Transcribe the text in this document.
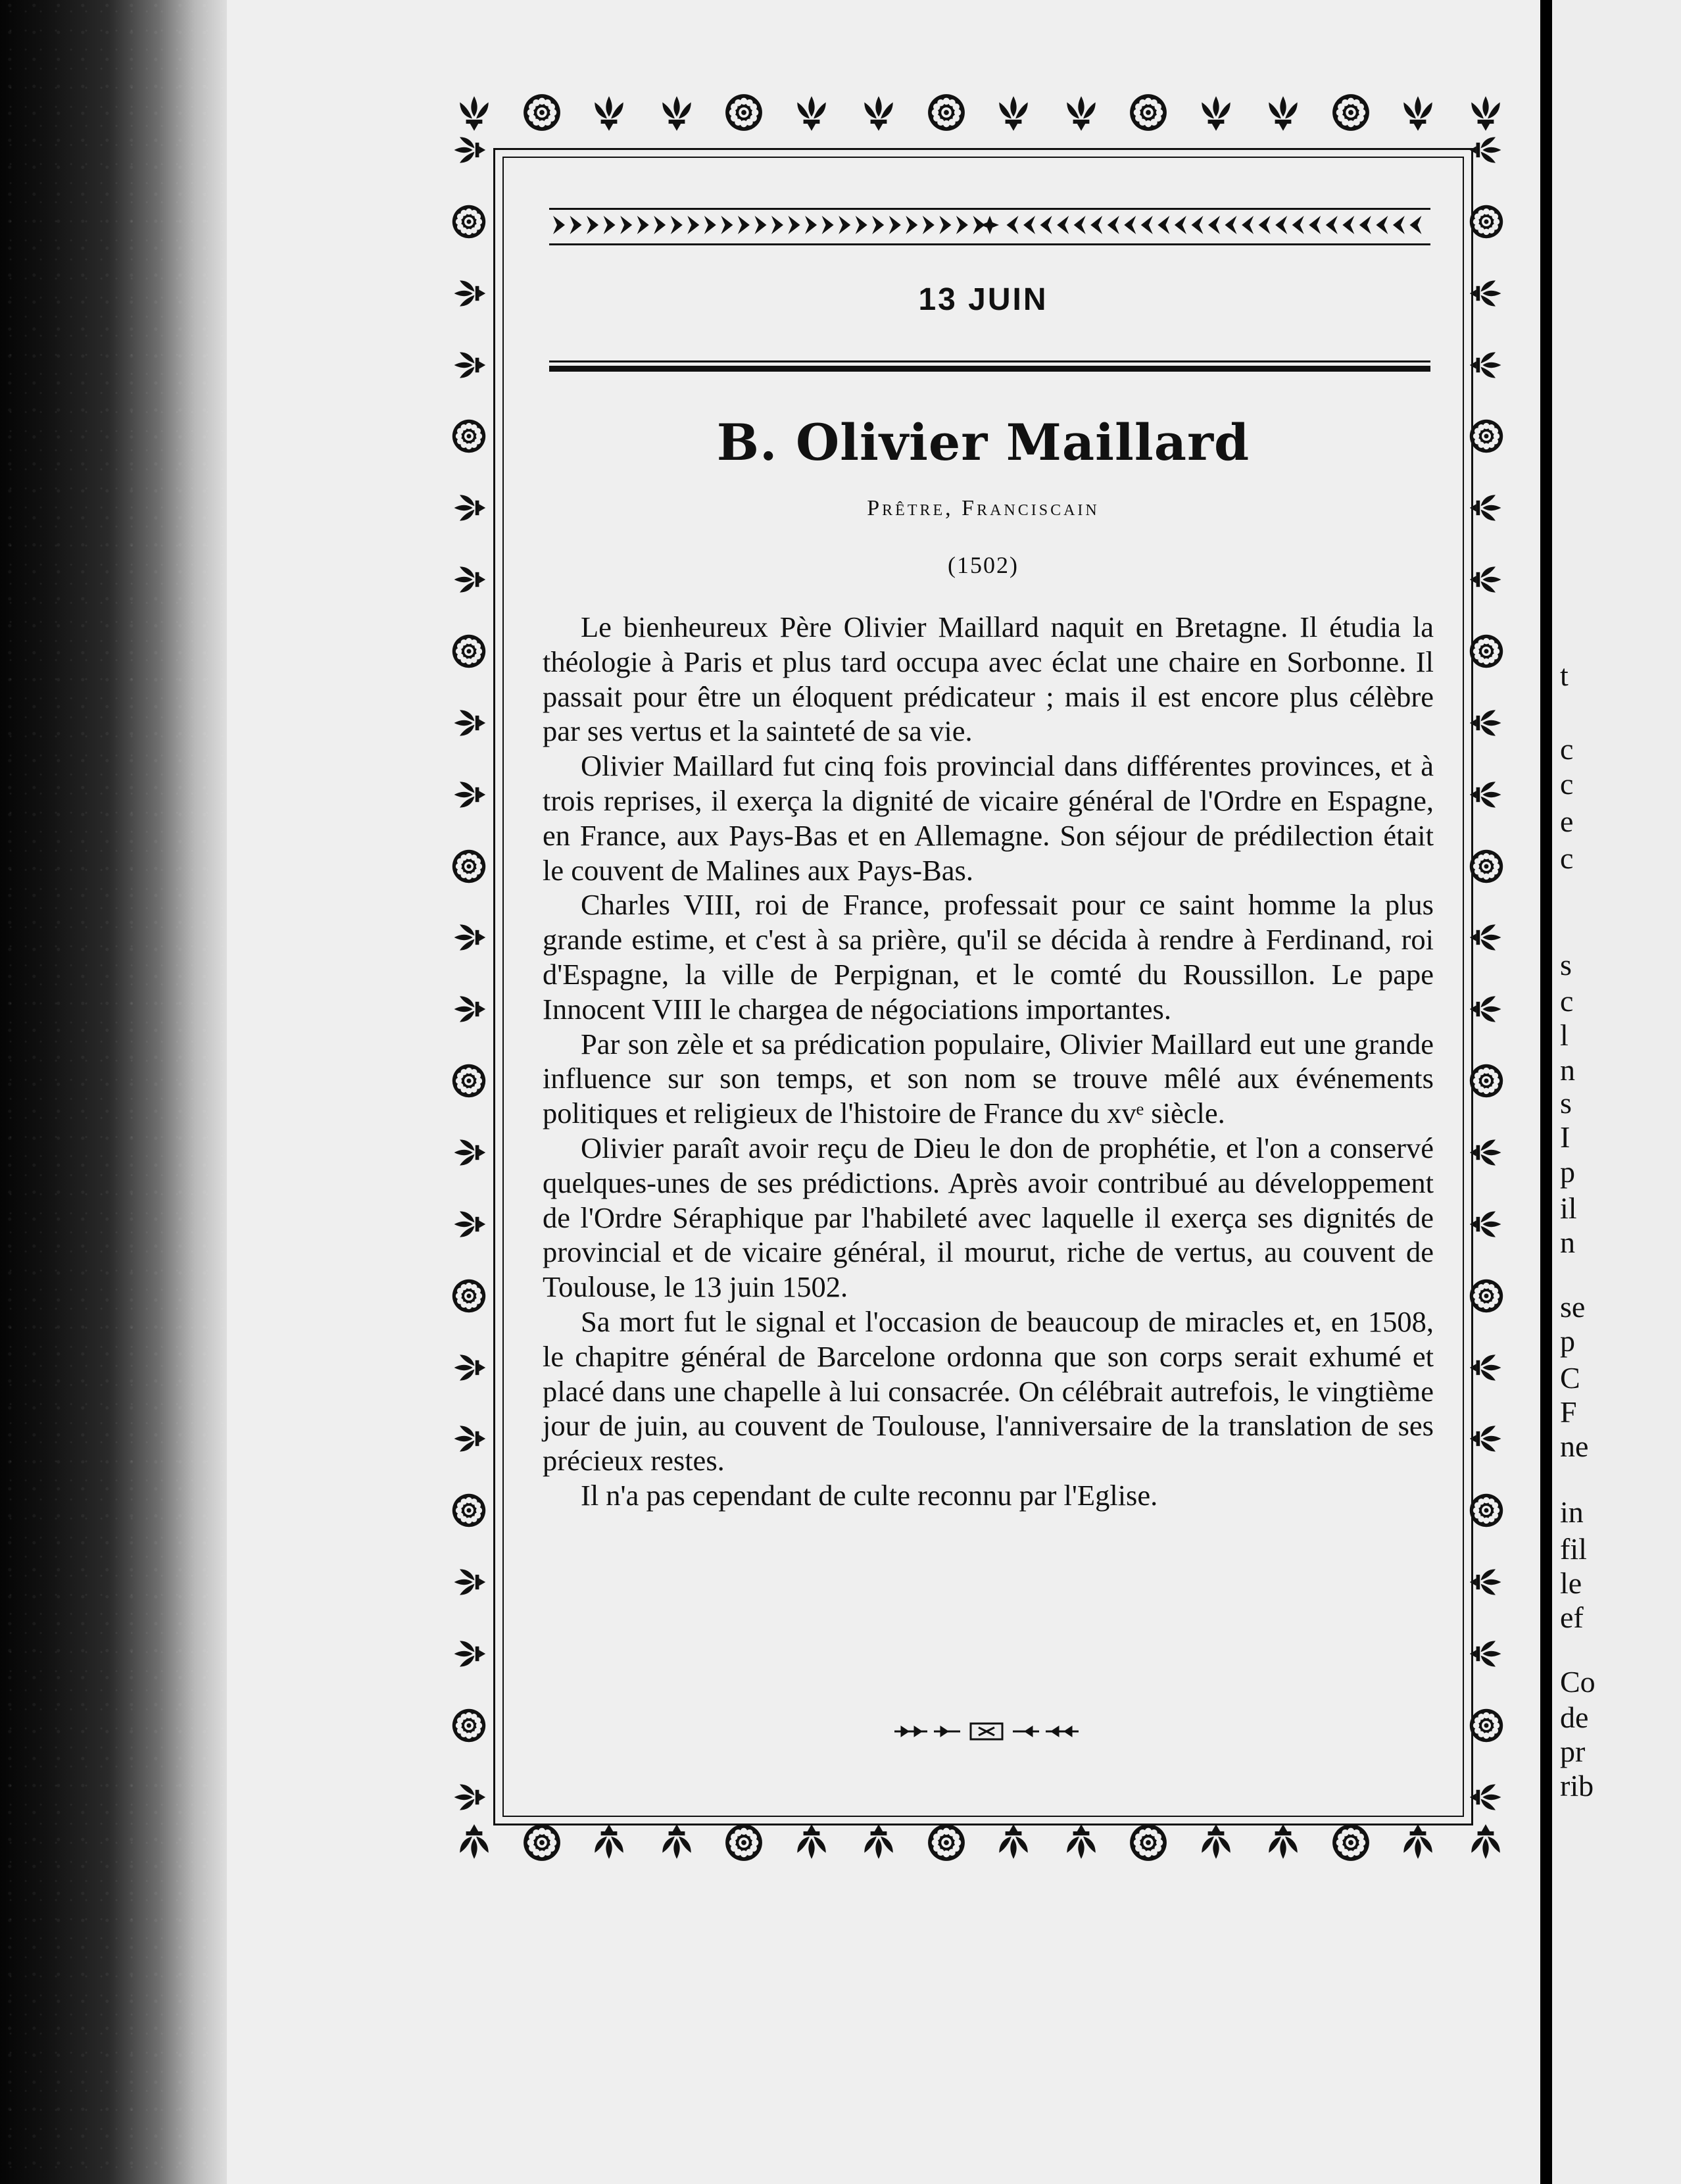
13 JUIN
B. Olivier Maillard
Prêtre, Franciscain
(1502)

Le bienheureux Père Olivier Maillard naquit en Bretagne. Il étudia la théologie à Paris et plus tard occupa avec éclat une chaire en Sorbonne. Il passait pour être un éloquent prédicateur ; mais il est encore plus célèbre par ses vertus et la sainteté de sa vie.

Olivier Maillard fut cinq fois provincial dans différentes provinces, et à trois reprises, il exerça la dignité de vicaire général de l'Ordre en Espagne, en France, aux Pays-Bas et en Allemagne. Son séjour de prédilection était le couvent de Malines aux Pays-Bas.

Charles VIII, roi de France, professait pour ce saint homme la plus grande estime, et c'est à sa prière, qu'il se décida à rendre à Ferdinand, roi d'Espagne, la ville de Perpignan, et le comté du Roussillon. Le pape Innocent VIII le chargea de négociations importantes.

Par son zèle et sa prédication populaire, Olivier Maillard eut une grande influence sur son temps, et son nom se trouve mêlé aux événements politiques et religieux de l'histoire de France du xvᵉ siècle.

Olivier paraît avoir reçu de Dieu le don de prophétie, et l'on a conservé quelques-unes de ses prédictions. Après avoir contribué au développement de l'Ordre Séraphique par l'habileté avec laquelle il exerça ses dignités de provincial et de vicaire général, il mourut, riche de vertus, au couvent de Toulouse, le 13 juin 1502.

Sa mort fut le signal et l'occasion de beaucoup de miracles et, en 1508, le chapitre général de Barcelone ordonna que son corps serait exhumé et placé dans une chapelle à lui consacrée. On célébrait autrefois, le vingtième jour de juin, au couvent de Toulouse, l'anniversaire de la translation de ses précieux restes.

Il n'a pas cependant de culte reconnu par l'Eglise.

t
c
c
e
c
s
c
l
n
s
I
p
il
n
se
p
C
F
ne
in
fil
le
ef
Co
de
pr
rib
